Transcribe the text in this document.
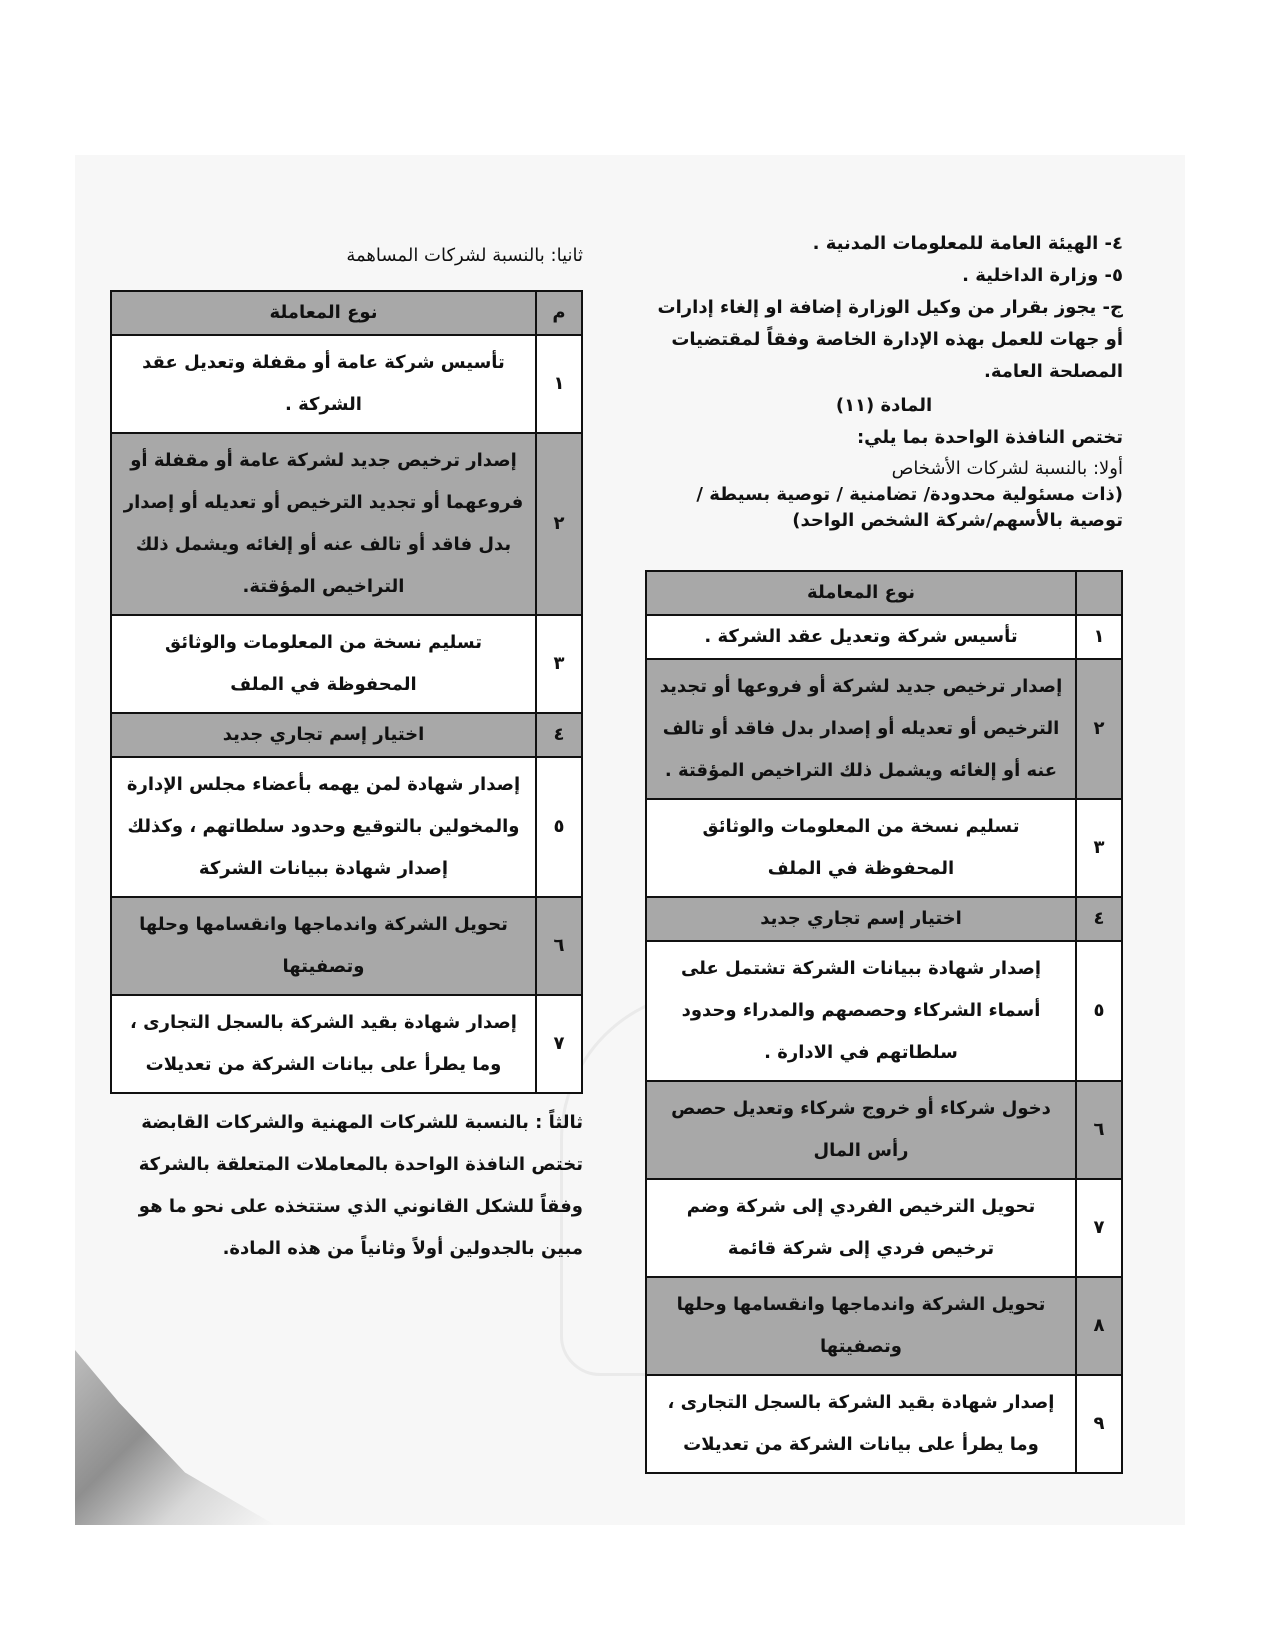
٤- الهيئة العامة للمعلومات المدنية .
٥- وزارة الداخلية .
ج- يجوز بقرار من وكيل الوزارة إضافة او إلغاء إدارات أو جهات للعمل بهذه الإدارة الخاصة وفقاً لمقتضيات المصلحة العامة.
المادة (١١)
تختص النافذة الواحدة بما يلي:
أولا: بالنسبة لشركات الأشخاص
(ذات مسئولية محدودة/ تضامنية / توصية بسيطة / توصية بالأسهم/شركة الشخص الواحد)
	نوع المعاملة
١	تأسيس شركة وتعديل عقد الشركة .
٢	إصدار ترخيص جديد لشركة أو فروعها أو تجديد الترخيص أو تعديله أو إصدار بدل فاقد أو تالف عنه أو إلغائه ويشمل ذلك التراخيص المؤقتة .
٣	تسليم نسخة من المعلومات والوثائق المحفوظة في الملف
٤	اختيار إسم تجاري جديد
٥	إصدار شهادة ببيانات الشركة تشتمل على أسماء الشركاء وحصصهم والمدراء وحدود سلطاتهم في الادارة .
٦	دخول شركاء أو خروج شركاء وتعديل حصص رأس المال
٧	تحويل الترخيص الفردي إلى شركة وضم ترخيص فردي إلى شركة قائمة
٨	تحويل الشركة واندماجها وانقسامها وحلها وتصفيتها
٩	إصدار شهادة بقيد الشركة بالسجل التجارى ، وما يطرأ على بيانات الشركة من تعديلات
ثانيا: بالنسبة لشركات المساهمة
م	نوع المعاملة
١	تأسيس شركة عامة أو مقفلة وتعديل عقد الشركة .
٢	إصدار ترخيص جديد لشركة عامة أو مقفلة أو فروعهما أو تجديد الترخيص أو تعديله أو إصدار بدل فاقد أو تالف عنه أو إلغائه ويشمل ذلك التراخيص المؤقتة.
٣	تسليم نسخة من المعلومات والوثائق المحفوظة في الملف
٤	اختيار إسم تجاري جديد
٥	إصدار شهادة لمن يهمه بأعضاء مجلس الإدارة والمخولين بالتوقيع وحدود سلطاتهم ، وكذلك إصدار شهادة ببيانات الشركة
٦	تحويل الشركة واندماجها وانقسامها وحلها وتصفيتها
٧	إصدار شهادة بقيد الشركة بالسجل التجارى ، وما يطرأ على بيانات الشركة من تعديلات
ثالثاً : بالنسبة للشركات المهنية والشركات القابضة تختص النافذة الواحدة بالمعاملات المتعلقة بالشركة وفقاً للشكل القانوني الذي ستتخذه على نحو ما هو مبين بالجدولين أولاً وثانياً من هذه المادة.
